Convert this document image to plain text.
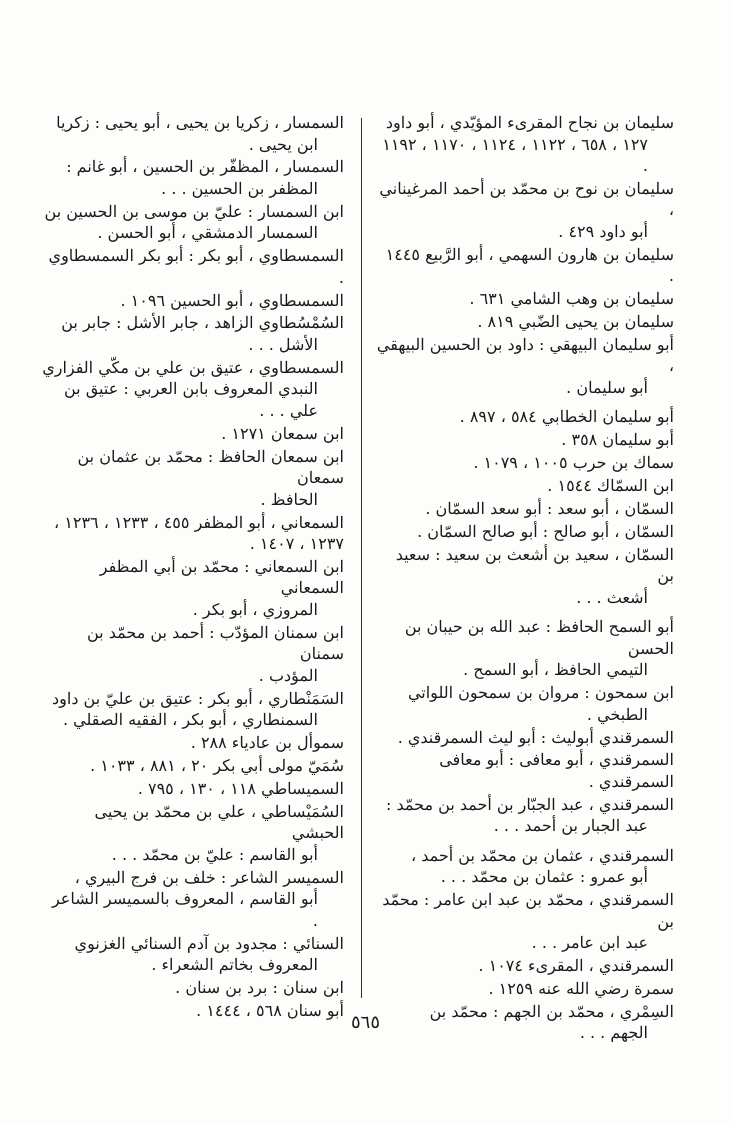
سليمان بن نجاح المقرىء المؤيّدي ، أبو داود
١٢٧ ، ٦٥٨ ، ١١٢٢ ، ١١٢٤ ، ١١٧٠ ، ١١٩٢ .
سليمان بن نوح بن محمّد بن أحمد المرغيناني ،
أبو داود ٤٢٩ .
سليمان بن هارون السهمي ، أبو الرَّبيع ١٤٤٥ .
سليمان بن وهب الشامي ٦٣١ .
سليمان بن يحيى الضّبي ٨١٩ .
أبو سليمان البيهقي : داود بن الحسين البيهقي ،
أبو سليمان .
أبو سليمان الخطابي ٥٨٤ ، ٨٩٧ .
أبو سليمان ٣٥٨ .
سماك بن حرب ١٠٠٥ ، ١٠٧٩ .
ابن السمّاك ١٥٤٤ .
السمّان ، أبو سعد : أبو سعد السمّان .
السمّان ، أبو صالح : أبو صالح السمّان .
السمّان ، سعيد بن أشعث بن سعيد : سعيد بن
أشعث . . .
أبو السمح الحافظ : عبد الله بن حيبان بن الحسن
التيمي الحافظ ، أبو السمح .
ابن سمحون : مروان بن سمحون اللواتي
الطبخي .
السمرقندي أبوليث : أبو ليث السمرقندي .
السمرقندي ، أبو معافى : أبو معافى السمرقندي .
السمرقندي ، عبد الجبّار بن أحمد بن محمّد :
عبد الجبار بن أحمد . . .
السمرقندي ، عثمان بن محمّد بن أحمد ،
أبو عمرو : عثمان بن محمّد . . .
السمرقندي ، محمّد بن عبد ابن عامر : محمّد بن
عبد ابن عامر . . .
السمرقندي ، المقرىء ١٠٧٤ .
سمرة رضي الله عنه ١٢٥٩ .
السِمْري ، محمّد بن الجهم : محمّد بن
الجهم . . .
السمسار ، زكريا بن يحيى ، أبو يحيى : زكريا
ابن يحيى .
السمسار ، المظفّر بن الحسين ، أبو غانم :
المظفر بن الحسين . . .
ابن السمسار : عليّ بن موسى بن الحسين بن
السمسار الدمشقي ، أبو الحسن .
السمسطاوي ، أبو بكر : أبو بكر السمسطاوي .
السمسطاوي ، أبو الحسين ١٠٩٦ .
السُمْسُطاوي الزاهد ، جابر الأشل : جابر بن
الأشل . . .
السمسطاوي ، عتيق بن علي بن مكّي الفزاري
النبدي المعروف بابن العربي : عتيق بن علي . . .
ابن سمعان ١٢٧١ .
ابن سمعان الحافظ : محمّد بن عثمان بن سمعان
الحافظ .
السمعاني ، أبو المظفر ٤٥٥ ، ١٢٣٣ ، ١٢٣٦ ، ١٢٣٧ ، ١٤٠٧ .
ابن السمعاني : محمّد بن أبي المظفر السمعاني
المروزي ، أبو بكر .
ابن سمنان المؤدّب : أحمد بن محمّد بن سمنان
المؤدب .
السَمَنْطاري ، أبو بكر : عتيق بن عليّ بن داود
السمنطاري ، أبو بكر ، الفقيه الصقلي .
سموأل بن عادياء ٢٨٨ .
سُمَيّ مولى أبي بكر ٢٠ ، ٨٨١ ، ١٠٣٣ .
السميساطي ١١٨ ، ١٣٠ ، ٧٩٥ .
السُمَيْساطي ، علي بن محمّد بن يحيى الحبشي
أبو القاسم : عليّ بن محمّد . . .
السميسر الشاعر : خلف بن فرج البيري ،
أبو القاسم ، المعروف بالسميسر الشاعر .
السنائي : مجدود بن آدم السنائي الغزنوي
المعروف بخاتم الشعراء .
ابن سنان : برد بن سنان .
أبو سنان ٥٦٨ ، ١٤٤٤ .
٥٦٥
